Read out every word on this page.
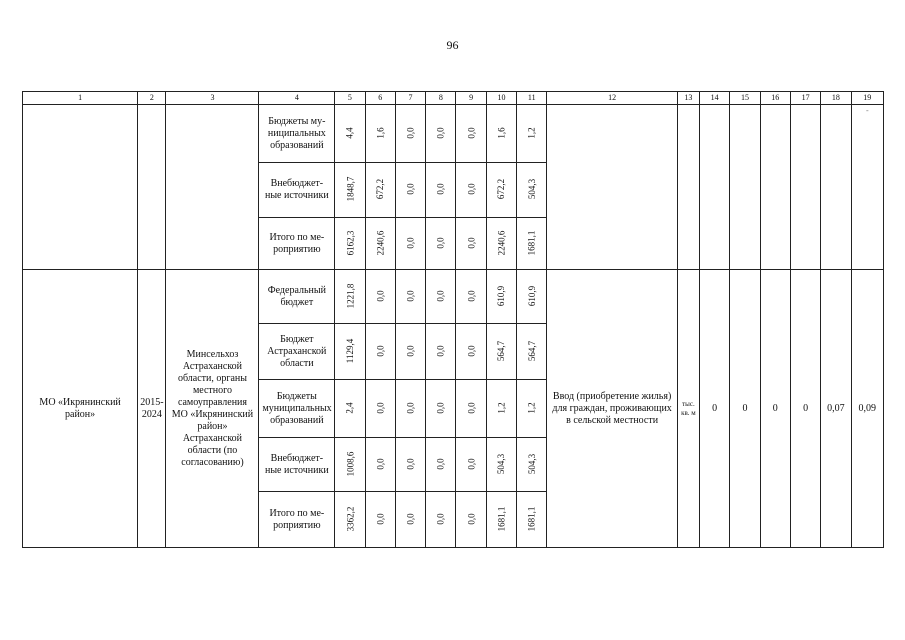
96
1	2	3	4	5	6	7	8	9	10	11	12	13	14	15	16	17	18	19
			Бюджеты му-ниципальных образований	4,4	1,6	0,0	0,0	0,0	1,6	1,2								-
			Внебюджет-ные источники	1848,7	672,2	0,0	0,0	0,0	672,2	504,3								
			Итого по ме-роприятию	6162,3	2240,6	0,0	0,0	0,0	2240,6	1681,1								
МО «Икрянинский район»	2015-2024	Минсельхоз Астраханской области, органы местного самоуправления МО «Икрянинский район» Астраханской области (по согласованию)	Федеральный бюджет	1221,8	0,0	0,0	0,0	0,0	610,9	610,9	Ввод (приобретение жилья) для граждан, проживающих в сельской местности	тыс. кв. м	0	0	0	0	0,07	0,09
			Бюджет Астраханской области	1129,4	0,0	0,0	0,0	0,0	564,7	564,7								
			Бюджеты муниципальных образований	2,4	0,0	0,0	0,0	0,0	1,2	1,2								
			Внебюджет-ные источники	1008,6	0,0	0,0	0,0	0,0	504,3	504,3								
			Итого по ме-роприятию	3362,2	0,0	0,0	0,0	0,0	1681,1	1681,1								
